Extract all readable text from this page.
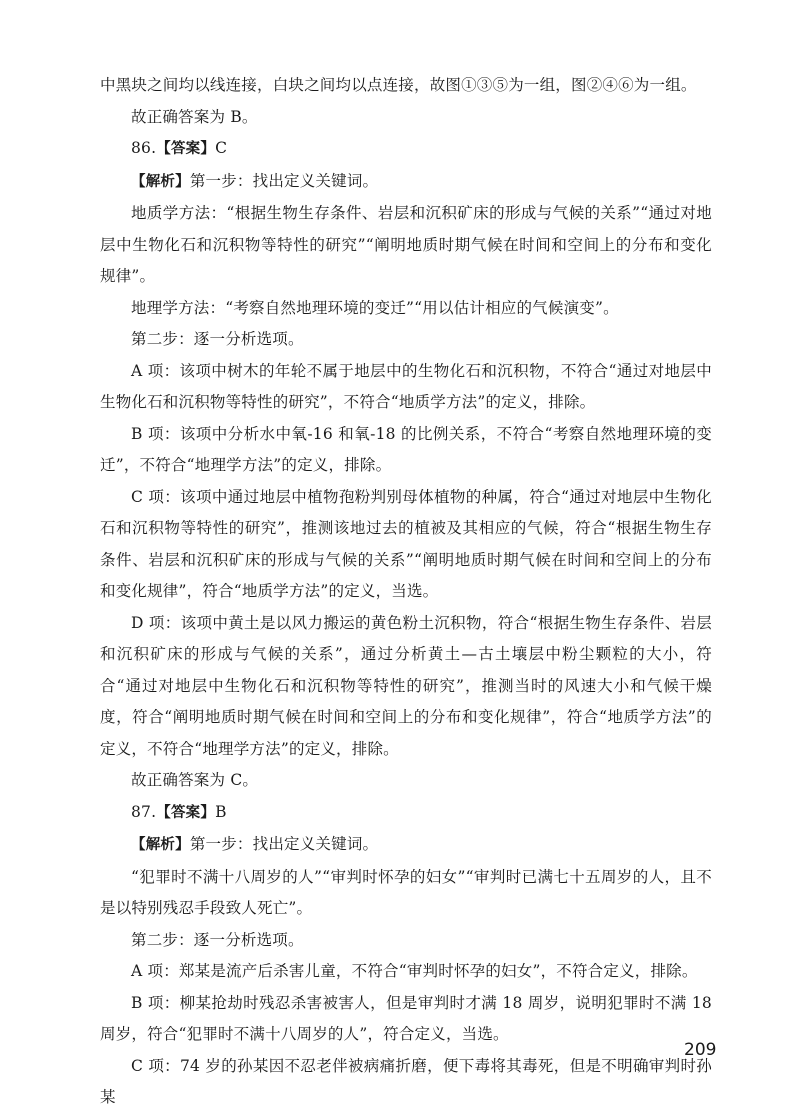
中黑块之间均以线连接，白块之间均以点连接，故图①③⑤为一组，图②④⑥为一组。

故正确答案为 B。

86.【答案】C

【解析】第一步：找出定义关键词。

地质学方法：“根据生物生存条件、岩层和沉积矿床的形成与气候的关系”“通过对地层中生物化石和沉积物等特性的研究”“阐明地质时期气候在时间和空间上的分布和变化规律”。

地理学方法：“考察自然地理环境的变迁”“用以估计相应的气候演变”。

第二步：逐一分析选项。

A 项：该项中树木的年轮不属于地层中的生物化石和沉积物，不符合“通过对地层中生物化石和沉积物等特性的研究”，不符合“地质学方法”的定义，排除。

B 项：该项中分析水中氧-16 和氧-18 的比例关系，不符合“考察自然地理环境的变迁”，不符合“地理学方法”的定义，排除。

C 项：该项中通过地层中植物孢粉判别母体植物的种属，符合“通过对地层中生物化石和沉积物等特性的研究”，推测该地过去的植被及其相应的气候，符合“根据生物生存条件、岩层和沉积矿床的形成与气候的关系”“阐明地质时期气候在时间和空间上的分布和变化规律”，符合“地质学方法”的定义，当选。

D 项：该项中黄土是以风力搬运的黄色粉土沉积物，符合“根据生物生存条件、岩层和沉积矿床的形成与气候的关系”，通过分析黄土—古土壤层中粉尘颗粒的大小，符合“通过对地层中生物化石和沉积物等特性的研究”，推测当时的风速大小和气候干燥度，符合“阐明地质时期气候在时间和空间上的分布和变化规律”，符合“地质学方法”的定义，不符合“地理学方法”的定义，排除。

故正确答案为 C。

87.【答案】B

【解析】第一步：找出定义关键词。

“犯罪时不满十八周岁的人”“审判时怀孕的妇女”“审判时已满七十五周岁的人，且不是以特别残忍手段致人死亡”。

第二步：逐一分析选项。

A 项：郑某是流产后杀害儿童，不符合“审判时怀孕的妇女”，不符合定义，排除。

B 项：柳某抢劫时残忍杀害被害人，但是审判时才满 18 周岁，说明犯罪时不满 18 周岁，符合“犯罪时不满十八周岁的人”，符合定义，当选。

C 项：74 岁的孙某因不忍老伴被病痛折磨，便下毒将其毒死，但是不明确审判时孙某

209
